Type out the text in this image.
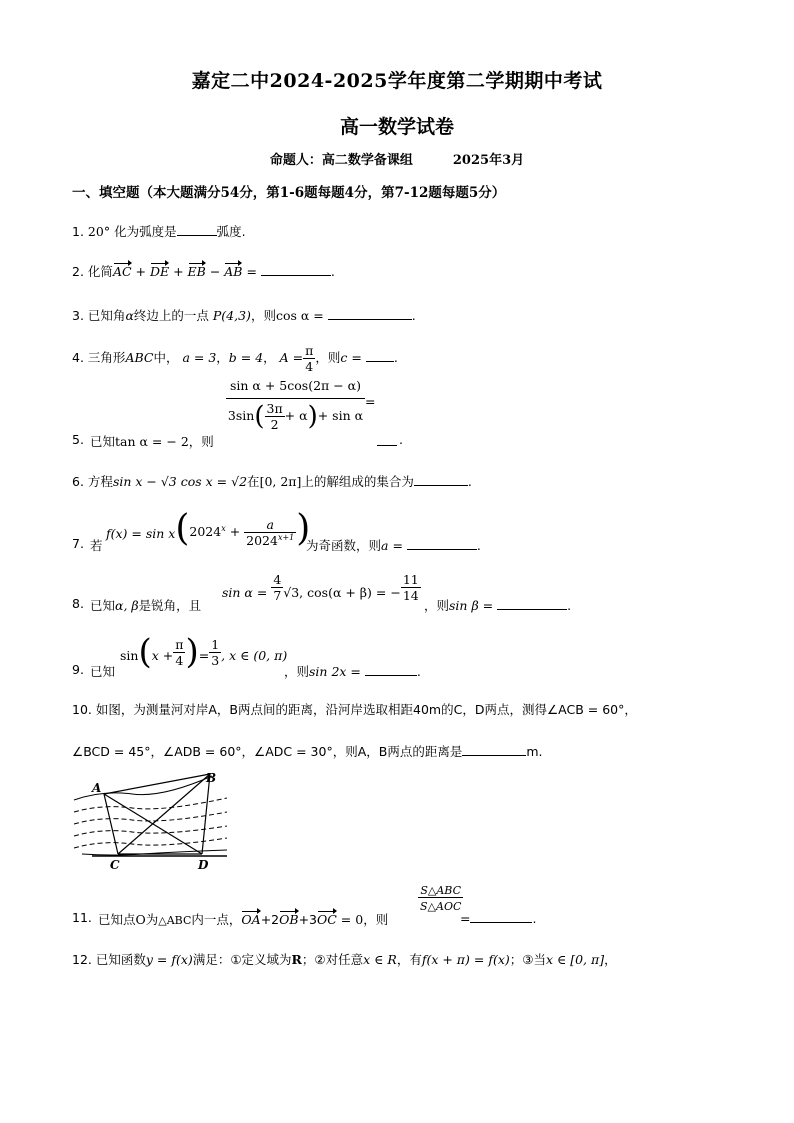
嘉定二中2024-2025学年度第二学期期中考试
高一数学试卷
命题人：高二数学备课组	2025年3月
一、填空题（本大题满分54分，第1-6题每题4分，第7-12题每题5分）
1. 20° 化为弧度是	弧度.
2. 化简AC + DE + EB − AB =	.
3. 已知角α终边上的一点 P(4,3)，则cos α =	.
4. 三角形ABC中， a = 3，b = 4， $A = \frac{\pi}{4}$ ，则c =	.
5. 已知tan α = − 2，则
$\frac{\text{sin α + 5cos(2π − α)}}{3\sin( \frac{3\pi}{2} + \alpha)+ \sin \alpha}$ =
.
6. 方程sin x − √3 cos x = √2在[0, 2π]上的解组成的集合为	.
7. 若
$f(x) = \sin x(2024^x + \frac{a}{2024^{x+1}}$ )
为奇函数，则a =	.
8. 已知α, β是锐角，且
$\sin \alpha = \frac{4}{7} √3$, cos(α + β) = − $\frac{11}{14}$
，则sin β =	.
9. 已知
$\sin(x + \frac{\pi}{4}$ )= $\frac{1}{3}$ , x ∈ (0, π)
，则sin 2x =	.
10. 如图，为测量河对岸A，B两点间的距离，沿河岸选取相距40m的C，D两点，测得∠ACB = 60°，
∠BCD = 45°，∠ADB = 60°，∠ADC = 30°，则A，B两点的距离是	m.
A
B
C	D
11. 已知点O为△ABC内一点，OA+2OB+3OC = 0，则
S△ABC
S△AOC
=	.
12. 已知函数y = f(x)满足：①定义域为R；②对任意x ∈ R，有f(x + π) = f(x)；③当x ∈ [0, π]，
